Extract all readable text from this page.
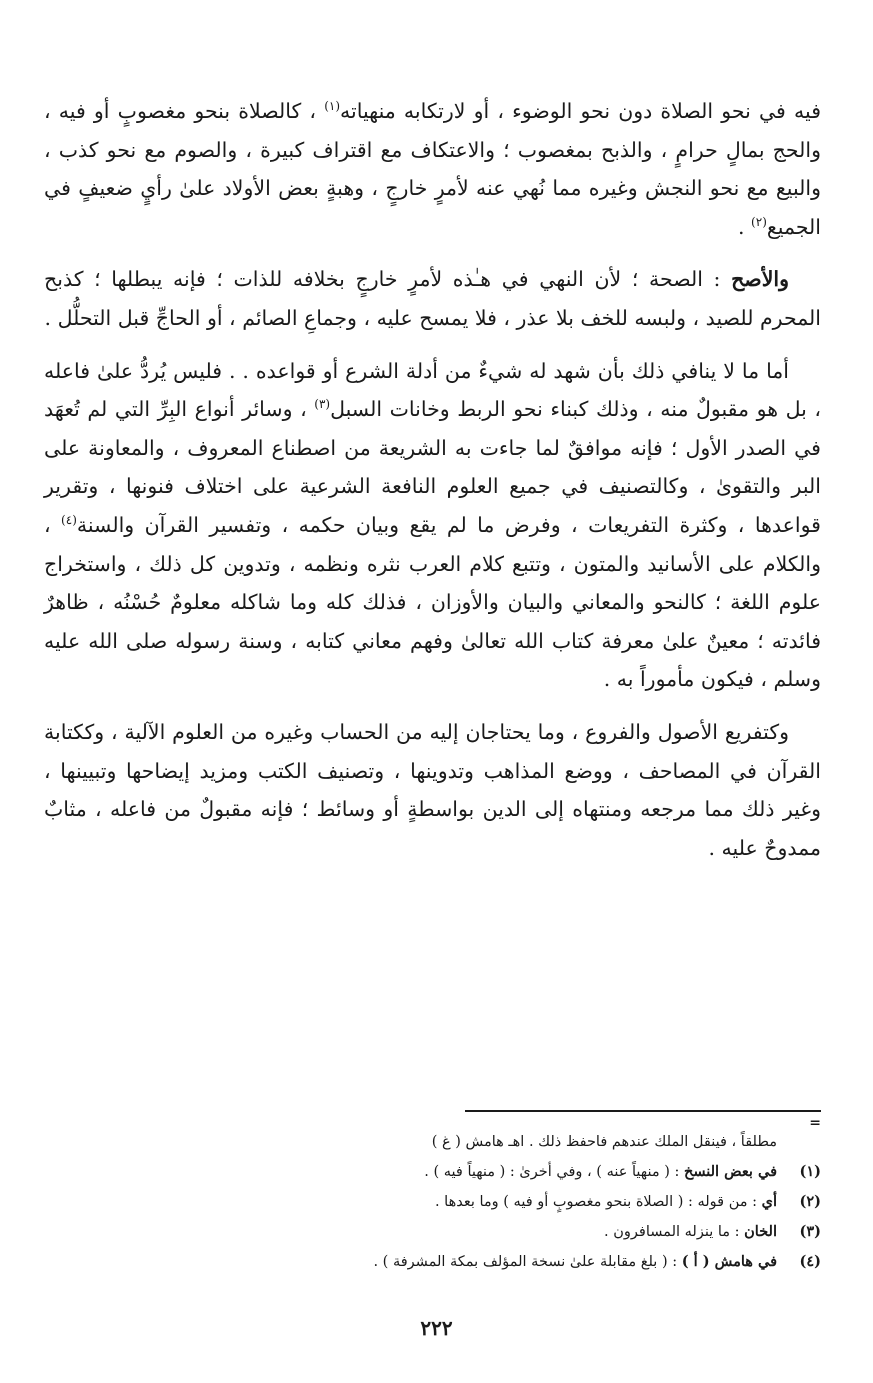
فيه في نحو الصلاة دون نحو الوضوء ، أو لارتكابه منهياته$^{(١)}$ ، كالصلاة بنحو مغصوبٍ أو فيه ، والحج بمالٍ حرامٍ ، والذبح بمغصوب ؛ والاعتكاف مع اقتراف كبيرة ، والصوم مع نحو كذب ، والبيع مع نحو النجش وغيره مما نُهي عنه لأمرٍ خارجٍ ، وهبةٍ بعض الأولاد علىٰ رأيٍ ضعيفٍ في الجميع$^{(٢)}$ .
والأصح : الصحة ؛ لأن النهي في هـٰذه لأمرٍ خارجٍ بخلافه للذات ؛ فإنه يبطلها ؛ كذبح المحرم للصيد ، ولبسه للخف بلا عذر ، فلا يمسح عليه ، وجماعِ الصائم ، أو الحاجِّ قبل التحلُّل .
أما ما لا ينافي ذلك بأن شهد له شيءٌ من أدلة الشرع أو قواعده . . فليس يُردُّ علىٰ فاعله ، بل هو مقبولٌ منه ، وذلك كبناء نحو الربط وخانات السبل$^{(٣)}$ ، وسائر أنواع البِرِّ التي لم تُعهَد في الصدر الأول ؛ فإنه موافقٌ لما جاءت به الشريعة من اصطناع المعروف ، والمعاونة على البر والتقوىٰ ، وكالتصنيف في جميع العلوم النافعة الشرعية على اختلاف فنونها ، وتقرير قواعدها ، وكثرة التفريعات ، وفرض ما لم يقع وبيان حكمه ، وتفسير القرآن والسنة$^{(٤)}$ ، والكلام على الأسانيد والمتون ، وتتبع كلام العرب نثره ونظمه ، وتدوين كل ذلك ، واستخراج علوم اللغة ؛ كالنحو والمعاني والبيان والأوزان ، فذلك كله وما شاكله معلومٌ حُسْنُه ، ظاهرٌ فائدته ؛ معينٌ علىٰ معرفة كتاب الله تعالىٰ وفهم معاني كتابه ، وسنة رسوله صلى الله عليه وسلم ، فيكون مأموراً به .
وكتفريع الأصول والفروع ، وما يحتاجان إليه من الحساب وغيره من العلوم الآلية ، وككتابة القرآن في المصاحف ، ووضع المذاهب وتدوينها ، وتصنيف الكتب ومزيد إيضاحها وتبيينها ، وغير ذلك مما مرجعه ومنتهاه إلى الدين بواسطةٍ أو وسائط ؛ فإنه مقبولٌ من فاعله ، مثابٌ ممدوحٌ عليه .
=
مطلقاً ، فينقل الملك عندهم فاحفظ ذلك . اهـ هامش ( غ )
(١)
في بعض النسخ : ( منهياً عنه ) ، وفي أخرىٰ : ( منهياً فيه ) .
(٢)
أي : من قوله : ( الصلاة بنحو مغصوبٍ أو فيه ) وما بعدها .
(٣)
الخان : ما ينزله المسافرون .
(٤)
في هامش ( أ ) : ( بلغ مقابلة علىٰ نسخة المؤلف بمكة المشرفة ) .
٢٢٢
